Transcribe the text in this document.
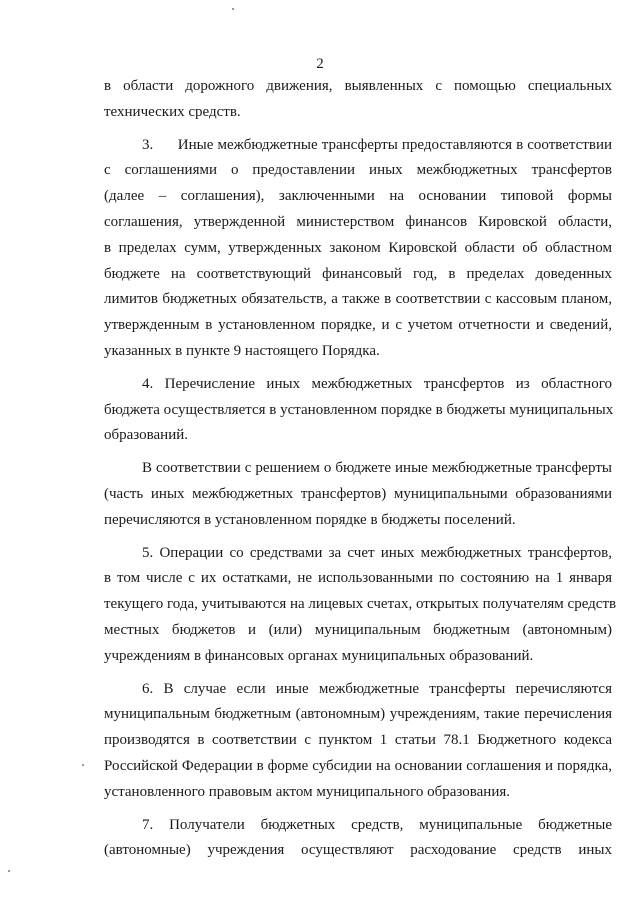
2

в области дорожного движения, выявленных с помощью специальных
технических средств.

3.      Иные межбюджетные трансферты предоставляются в соответствии
с соглашениями о предоставлении иных межбюджетных трансфертов
(далее – соглашения), заключенными на основании типовой формы
соглашения, утвержденной министерством финансов Кировской области,
в пределах сумм, утвержденных законом Кировской области об областном
бюджете на соответствующий финансовый год, в пределах доведенных
лимитов бюджетных обязательств, а также в соответствии с кассовым планом,
утвержденным в установленном порядке, и с учетом отчетности и сведений,
указанных в пункте 9 настоящего Порядка.

4. Перечисление иных межбюджетных трансфертов из областного
бюджета осуществляется в установленном порядке в бюджеты муниципальных
образований.

В соответствии с решением о бюджете иные межбюджетные трансферты
(часть иных межбюджетных трансфертов) муниципальными образованиями
перечисляются в установленном порядке в бюджеты поселений.

5. Операции со средствами за счет иных межбюджетных трансфертов,
в том числе с их остатками, не использованными по состоянию на 1 января
текущего года, учитываются на лицевых счетах, открытых получателям средств
местных бюджетов и (или) муниципальным бюджетным (автономным)
учреждениям в финансовых органах муниципальных образований.

6. В случае если иные межбюджетные трансферты перечисляются
муниципальным бюджетным (автономным) учреждениям, такие перечисления
производятся в соответствии с пунктом 1 статьи 78.1 Бюджетного кодекса
Российской Федерации в форме субсидии на основании соглашения и порядка,
установленного правовым актом муниципального образования.

7. Получатели бюджетных средств, муниципальные бюджетные
(автономные) учреждения осуществляют расходование средств иных
